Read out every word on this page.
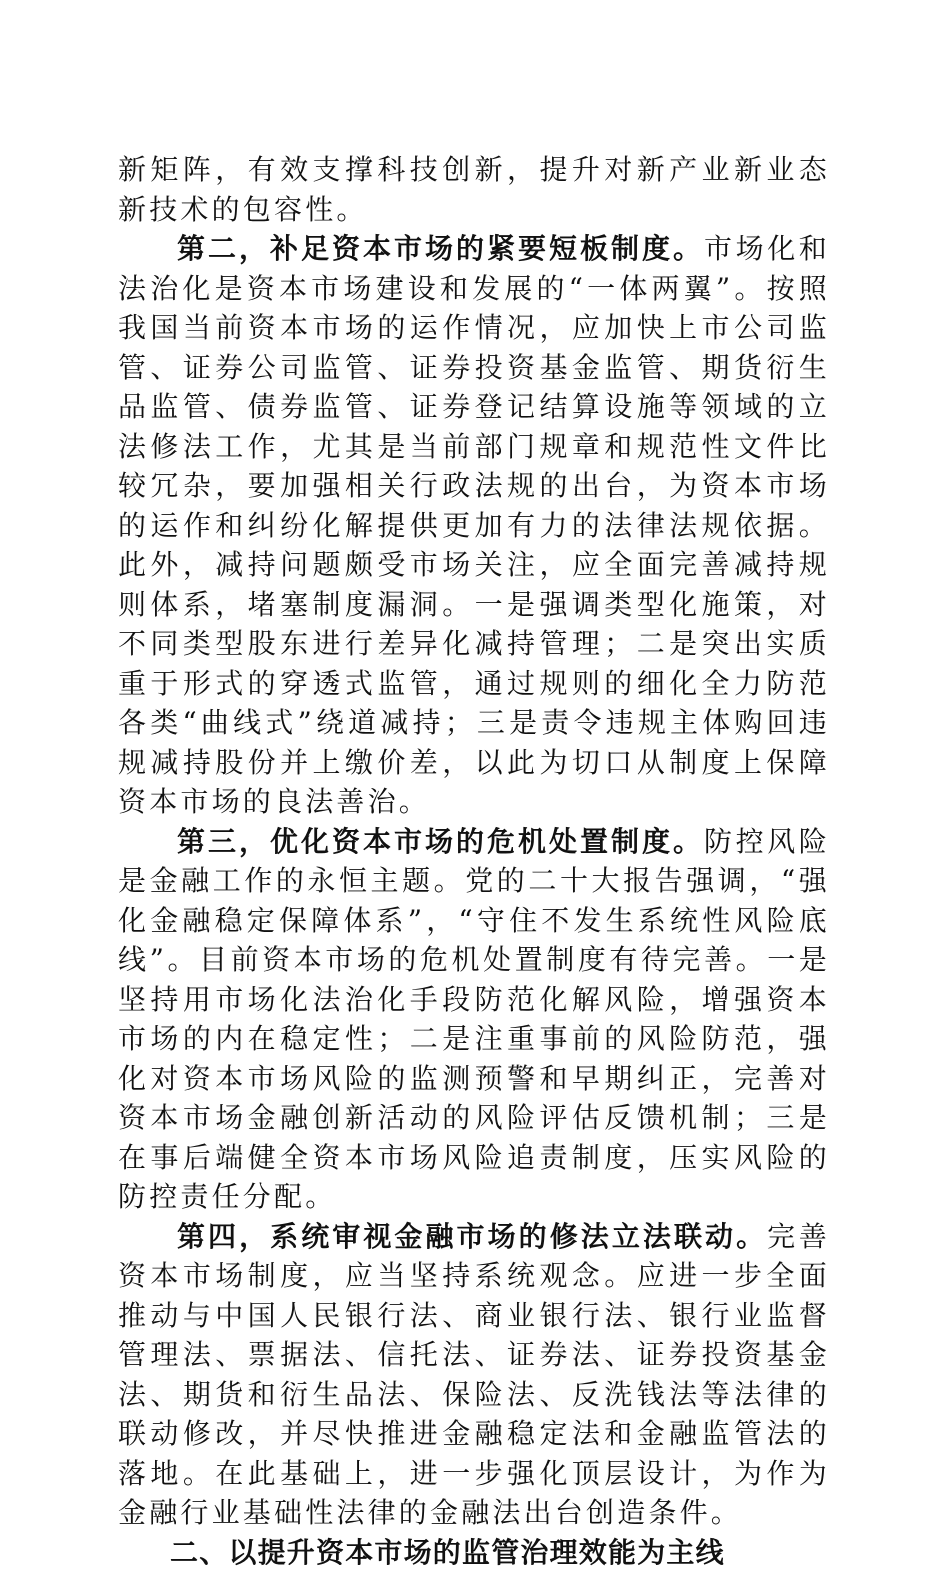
新矩阵，有效支撑科技创新，提升对新产业新业态新技术的包容性。

第二，补足资本市场的紧要短板制度。市场化和法治化是资本市场建设和发展的“一体两翼”。按照我国当前资本市场的运作情况，应加快上市公司监管、证券公司监管、证券投资基金监管、期货衍生品监管、债券监管、证券登记结算设施等领域的立法修法工作，尤其是当前部门规章和规范性文件比较冗杂，要加强相关行政法规的出台，为资本市场的运作和纠纷化解提供更加有力的法律法规依据。此外，减持问题颇受市场关注，应全面完善减持规则体系，堵塞制度漏洞。一是强调类型化施策，对不同类型股东进行差异化减持管理；二是突出实质重于形式的穿透式监管，通过规则的细化全力防范各类“曲线式”绕道减持；三是责令违规主体购回违规减持股份并上缴价差，以此为切口从制度上保障资本市场的良法善治。

第三，优化资本市场的危机处置制度。防控风险是金融工作的永恒主题。党的二十大报告强调，“强化金融稳定保障体系”，“守住不发生系统性风险底线”。目前资本市场的危机处置制度有待完善。一是坚持用市场化法治化手段防范化解风险，增强资本市场的内在稳定性；二是注重事前的风险防范，强化对资本市场风险的监测预警和早期纠正，完善对资本市场金融创新活动的风险评估反馈机制；三是在事后端健全资本市场风险追责制度，压实风险的防控责任分配。

第四，系统审视金融市场的修法立法联动。完善资本市场制度，应当坚持系统观念。应进一步全面推动与中国人民银行法、商业银行法、银行业监督管理法、票据法、信托法、证券法、证券投资基金法、期货和衍生品法、保险法、反洗钱法等法律的联动修改，并尽快推进金融稳定法和金融监管法的落地。在此基础上，进一步强化顶层设计，为作为金融行业基础性法律的金融法出台创造条件。

二、以提升资本市场的监管治理效能为主线
